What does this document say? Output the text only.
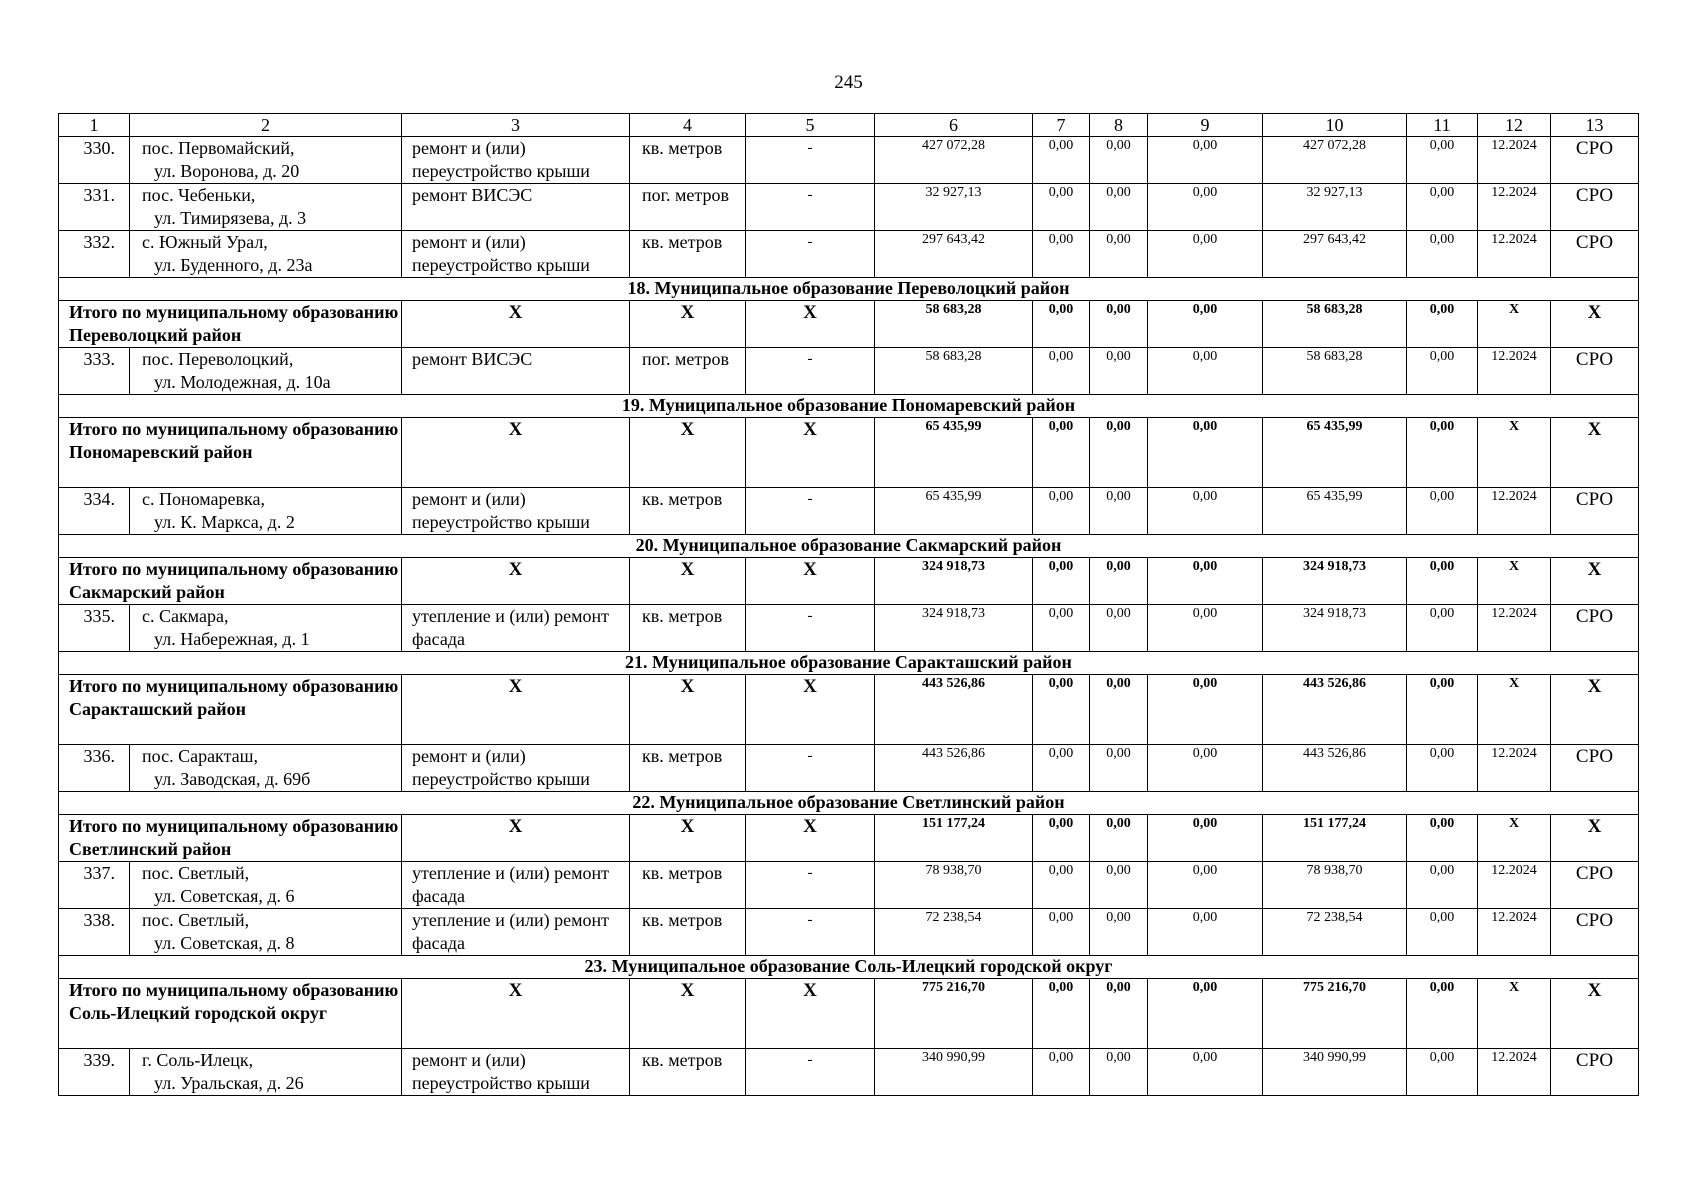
245
1	2	3	4	5	6	7	8	9	10	11	12	13
330.	пос. Первомайский,
ул. Воронова, д. 20	ремонт и (или) переустройство крыши	кв. метров	-	427 072,28	0,00	0,00	0,00	427 072,28	0,00	12.2024	СРО
331.	пос. Чебеньки,
ул. Тимирязева, д. 3	ремонт ВИСЭС	пог. метров	-	32 927,13	0,00	0,00	0,00	32 927,13	0,00	12.2024	СРО
332.	с. Южный Урал,
ул. Буденного, д. 23а	ремонт и (или) переустройство крыши	кв. метров	-	297 643,42	0,00	0,00	0,00	297 643,42	0,00	12.2024	СРО
18. Муниципальное образование Переволоцкий район												
Итого по муниципальному образованию Переволоцкий район		Х	Х	Х	58 683,28	0,00	0,00	0,00	58 683,28	0,00	Х	Х
333.	пос. Переволоцкий,
ул. Молодежная, д. 10а	ремонт ВИСЭС	пог. метров	-	58 683,28	0,00	0,00	0,00	58 683,28	0,00	12.2024	СРО
19. Муниципальное образование Пономаревский район												
Итого по муниципальному образованию Пономаревский район		Х	Х	Х	65 435,99	0,00	0,00	0,00	65 435,99	0,00	Х	Х
334.	с. Пономаревка,
ул. К. Маркса, д. 2	ремонт и (или) переустройство крыши	кв. метров	-	65 435,99	0,00	0,00	0,00	65 435,99	0,00	12.2024	СРО
20. Муниципальное образование Сакмарский район												
Итого по муниципальному образованию Сакмарский район		Х	Х	Х	324 918,73	0,00	0,00	0,00	324 918,73	0,00	Х	Х
335.	с. Сакмара,
ул. Набережная, д. 1	утепление и (или) ремонт фасада	кв. метров	-	324 918,73	0,00	0,00	0,00	324 918,73	0,00	12.2024	СРО
21. Муниципальное образование Саракташский район												
Итого по муниципальному образованию Саракташский район		Х	Х	Х	443 526,86	0,00	0,00	0,00	443 526,86	0,00	Х	Х
336.	пос. Саракташ,
ул. Заводская, д. 69б	ремонт и (или) переустройство крыши	кв. метров	-	443 526,86	0,00	0,00	0,00	443 526,86	0,00	12.2024	СРО
22. Муниципальное образование Светлинский район												
Итого по муниципальному образованию Светлинский район		Х	Х	Х	151 177,24	0,00	0,00	0,00	151 177,24	0,00	Х	Х
337.	пос. Светлый,
ул. Советская, д. 6	утепление и (или) ремонт фасада	кв. метров	-	78 938,70	0,00	0,00	0,00	78 938,70	0,00	12.2024	СРО
338.	пос. Светлый,
ул. Советская, д. 8	утепление и (или) ремонт фасада	кв. метров	-	72 238,54	0,00	0,00	0,00	72 238,54	0,00	12.2024	СРО
23. Муниципальное образование Соль-Илецкий городской округ												
Итого по муниципальному образованию Соль-Илецкий городской округ		Х	Х	Х	775 216,70	0,00	0,00	0,00	775 216,70	0,00	Х	Х
339.	г. Соль-Илецк,
ул. Уральская, д. 26	ремонт и (или) переустройство крыши	кв. метров	-	340 990,99	0,00	0,00	0,00	340 990,99	0,00	12.2024	СРО
